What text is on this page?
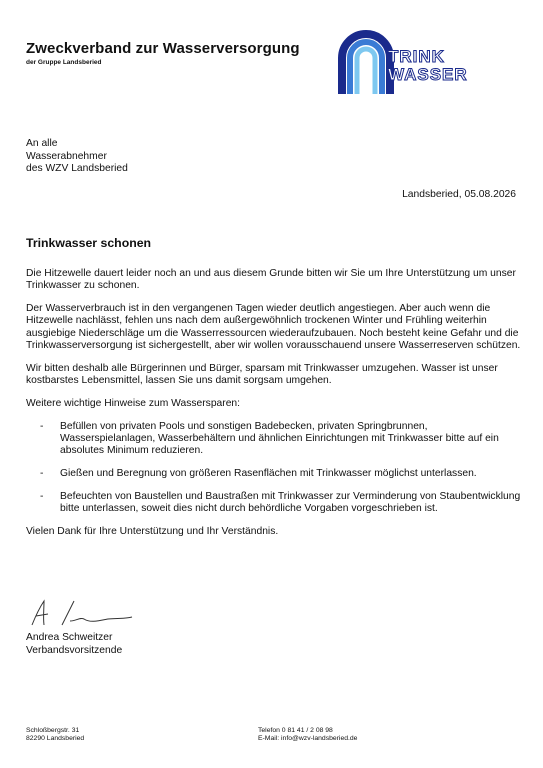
Zweckverband zur Wasserversorgung
der Gruppe Landsberied	TRINK
WASSER
An alle
Wasserabnehmer
des WZV Landsberied
Landsberied, 05.08.2026
Trinkwasser schonen

Die Hitzewelle dauert leider noch an und aus diesem Grunde bitten wir Sie um Ihre Unterstützung um unser Trinkwasser zu schonen.

Der Wasserverbrauch ist in den vergangenen Tagen wieder deutlich angestiegen. Aber auch wenn die Hitzewelle nachlässt, fehlen uns nach dem außergewöhnlich trockenen Winter und Frühling weiterhin ausgiebige Niederschläge um die Wasserressourcen wiederaufzubauen. Noch besteht keine Gefahr und die Trinkwasserversorgung ist sichergestellt, aber wir wollen vorausschauend unsere Wasserreserven schützen.

Wir bitten deshalb alle Bürgerinnen und Bürger, sparsam mit Trinkwasser umzugehen. Wasser ist unser kostbarstes Lebensmittel, lassen Sie uns damit sorgsam umgehen.

Weitere wichtige Hinweise zum Wassersparen:

- Befüllen von privaten Pools und sonstigen Badebecken, privaten Springbrunnen, Wasserspielanlagen, Wasserbehältern und ähnlichen Einrichtungen mit Trinkwasser bitte auf ein absolutes Minimum reduzieren.
- Gießen und Beregnung von größeren Rasenflächen mit Trinkwasser möglichst unterlassen.
- Befeuchten von Baustellen und Baustraßen mit Trinkwasser zur Verminderung von Staubentwicklung bitte unterlassen, soweit dies nicht durch behördliche Vorgaben vorgeschrieben ist.

Vielen Dank für Ihre Unterstützung und Ihr Verständnis.

Andrea Schweitzer
Verbandsvorsitzende
Schloßbergstr. 31
82290 Landsberied
Telefon 0 81 41 / 2 08 98
E-Mail: info@wzv-landsberied.de
